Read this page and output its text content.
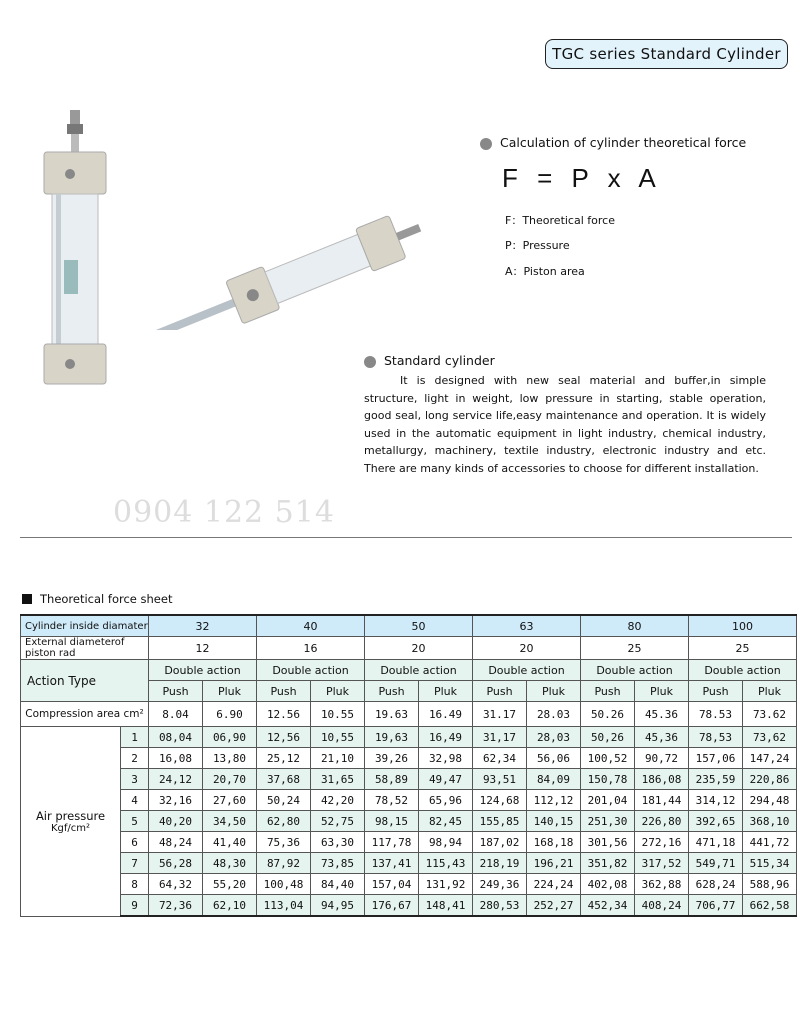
TGC series Standard Cylinder
Calculation of cylinder theoretical force
F = P x A
F：Theoretical force
P：Pressure
A：Piston area
Standard cylinder
It is designed with new seal material and buffer,in simple structure, light in weight, low pressure in starting, stable operation, good seal, long service life,easy maintenance and operation. It is widely used in the automatic equipment in light industry, chemical industry, metallurgy, machinery, textile industry, electronic industry and etc. There are many kinds of accessories to choose for different installation.
0904 122 514
Theoretical force sheet
Cylinder inside diamater		32		40		50		63		80		100	
External diameterof piston rad		12		16		20		20		25		25	
Action Type		Double action		Double action		Double action		Double action		Double action		Double action	
		Push	Pluk	Push	Pluk	Push	Pluk	Push	Pluk	Push	Pluk	Push	Pluk
Compression area cm²		8.04	6.90	12.56	10.55	19.63	16.49	31.17	28.03	50.26	45.36	78.53	73.62

Air pressure
Kgf/cm²	1	08,04	06,90	12,56	10,55	19,63	16,49	31,17	28,03	50,26	45,36	78,53	73,62
	2	16,08	13,80	25,12	21,10	39,26	32,98	62,34	56,06	100,52	90,72	157,06	147,24
	3	24,12	20,70	37,68	31,65	58,89	49,47	93,51	84,09	150,78	186,08	235,59	220,86
	4	32,16	27,60	50,24	42,20	78,52	65,96	124,68	112,12	201,04	181,44	314,12	294,48
	5	40,20	34,50	62,80	52,75	98,15	82,45	155,85	140,15	251,30	226,80	392,65	368,10
	6	48,24	41,40	75,36	63,30	117,78	98,94	187,02	168,18	301,56	272,16	471,18	441,72
	7	56,28	48,30	87,92	73,85	137,41	115,43	218,19	196,21	351,82	317,52	549,71	515,34
	8	64,32	55,20	100,48	84,40	157,04	131,92	249,36	224,24	402,08	362,88	628,24	588,96
	9	72,36	62,10	113,04	94,95	176,67	148,41	280,53	252,27	452,34	408,24	706,77	662,58
